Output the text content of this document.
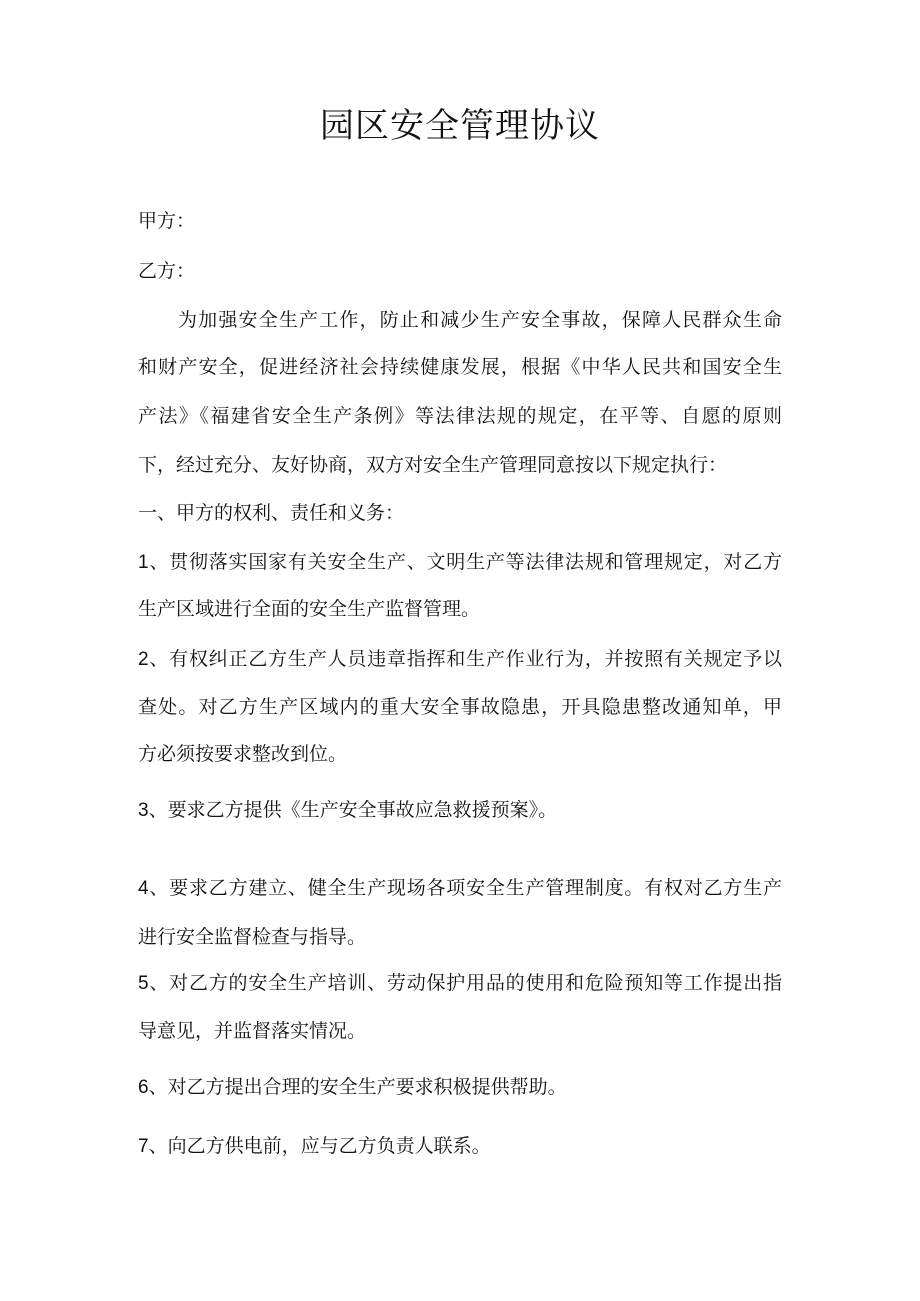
园区安全管理协议

甲方：

乙方：

为加强安全生产工作，防止和减少生产安全事故，保障人民群众生命

和财产安全，促进经济社会持续健康发展，根据《中华人民共和国安全生

产法》《福建省安全生产条例》等法律法规的规定，在平等、自愿的原则

下，经过充分、友好协商，双方对安全生产管理同意按以下规定执行：

一、甲方的权利、责任和义务：

1、贯彻落实国家有关安全生产、文明生产等法律法规和管理规定，对乙方

生产区域进行全面的安全生产监督管理。

2、有权纠正乙方生产人员违章指挥和生产作业行为，并按照有关规定予以

查处。对乙方生产区域内的重大安全事故隐患，开具隐患整改通知单，甲

方必须按要求整改到位。

3、要求乙方提供《生产安全事故应急救援预案》。

4、要求乙方建立、健全生产现场各项安全生产管理制度。有权对乙方生产

进行安全监督检查与指导。

5、对乙方的安全生产培训、劳动保护用品的使用和危险预知等工作提出指

导意见，并监督落实情况。

6、对乙方提出合理的安全生产要求积极提供帮助。

7、向乙方供电前，应与乙方负责人联系。
